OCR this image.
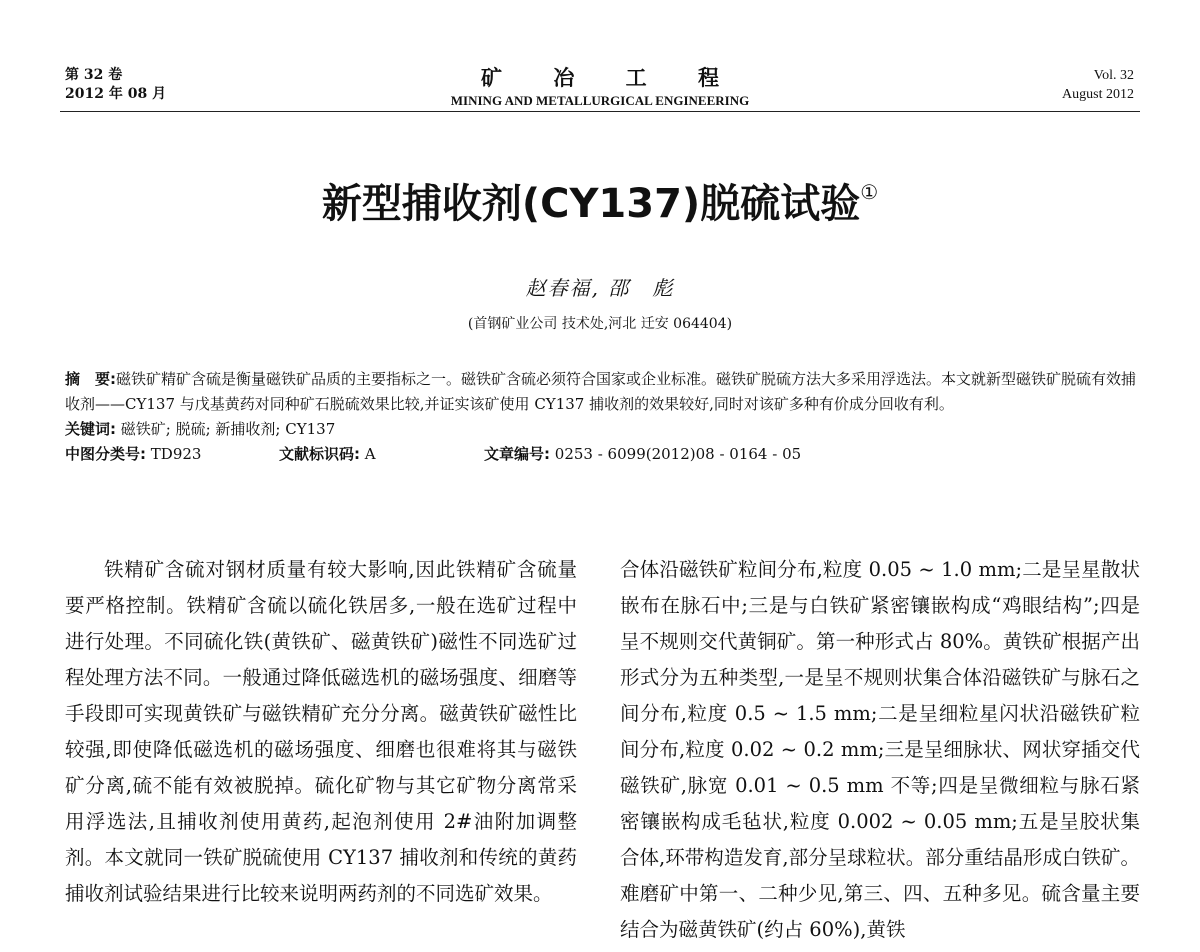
第 32 卷
2012 年 08 月
矿 冶 工 程
MINING AND METALLURGICAL ENGINEERING
Vol. 32
August 2012
新型捕收剂(CY137)脱硫试验①
赵春福, 邵　彪
(首钢矿业公司 技术处,河北 迁安 064404)

摘　要:磁铁矿精矿含硫是衡量磁铁矿品质的主要指标之一。磁铁矿含硫必须符合国家或企业标准。磁铁矿脱硫方法大多采用浮选法。本文就新型磁铁矿脱硫有效捕收剂——CY137 与戊基黄药对同种矿石脱硫效果比较,并证实该矿使用 CY137 捕收剂的效果较好,同时对该矿多种有价成分回收有利。

关键词: 磁铁矿; 脱硫; 新捕收剂; CY137

中图分类号: TD923	文献标识码: A	文章编号: 0253 - 6099(2012)08 - 0164 - 05

铁精矿含硫对钢材质量有较大影响,因此铁精矿含硫量要严格控制。铁精矿含硫以硫化铁居多,一般在选矿过程中进行处理。不同硫化铁(黄铁矿、磁黄铁矿)磁性不同选矿过程处理方法不同。一般通过降低磁选机的磁场强度、细磨等手段即可实现黄铁矿与磁铁精矿充分分离。磁黄铁矿磁性比较强,即使降低磁选机的磁场强度、细磨也很难将其与磁铁矿分离,硫不能有效被脱掉。硫化矿物与其它矿物分离常采用浮选法,且捕收剂使用黄药,起泡剂使用 2#油附加调整剂。本文就同一铁矿脱硫使用 CY137 捕收剂和传统的黄药捕收剂试验结果进行比较来说明两药剂的不同选矿效果。

合体沿磁铁矿粒间分布,粒度 0.05 ~ 1.0 mm;二是呈星散状嵌布在脉石中;三是与白铁矿紧密镶嵌构成“鸡眼结构”;四是呈不规则交代黄铜矿。第一种形式占 80%。黄铁矿根据产出形式分为五种类型,一是呈不规则状集合体沿磁铁矿与脉石之间分布,粒度 0.5 ~ 1.5 mm;二是呈细粒星闪状沿磁铁矿粒间分布,粒度 0.02 ~ 0.2 mm;三是呈细脉状、网状穿插交代磁铁矿,脉宽 0.01 ~ 0.5 mm 不等;四是呈微细粒与脉石紧密镶嵌构成毛毡状,粒度 0.002 ~ 0.05 mm;五是呈胶状集合体,环带构造发育,部分呈球粒状。部分重结晶形成白铁矿。难磨矿中第一、二种少见,第三、四、五种多见。硫含量主要结合为磁黄铁矿(约占 60%),黄铁
